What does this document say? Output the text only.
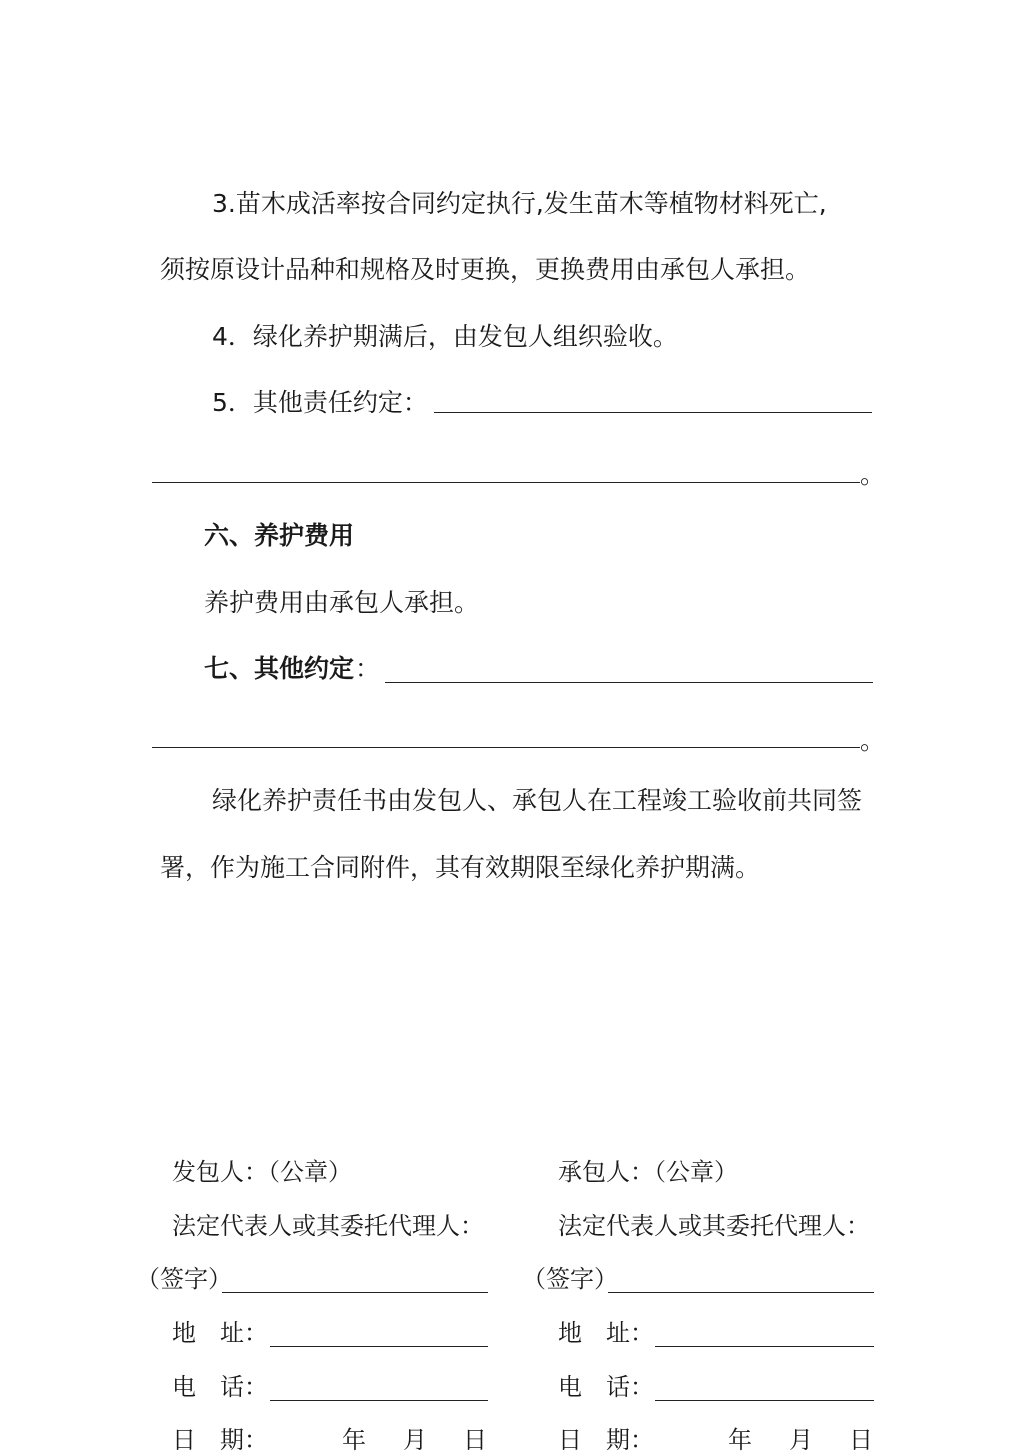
3.苗木成活率按合同约定执行,发生苗木等植物材料死亡,
须按原设计品种和规格及时更换，更换费用由承包人承担。
4．绿化养护期满后，由发包人组织验收。
5．其他责任约定：
。
六、养护费用
养护费用由承包人承担。
七、其他约定 ：
。
绿化养护责任书由发包人、承包人在工程竣工验收前共同签
署，作为施工合同附件，其有效期限至绿化养护期满。
发包人：（公章）
法定代表人或其委托代理人：
（签字）
地　址：
电　话：
日　期：	年 月 日
承包人：（公章）
法定代表人或其委托代理人：
（签字）
地　址：
电　话：
日　期：	年 月 日
